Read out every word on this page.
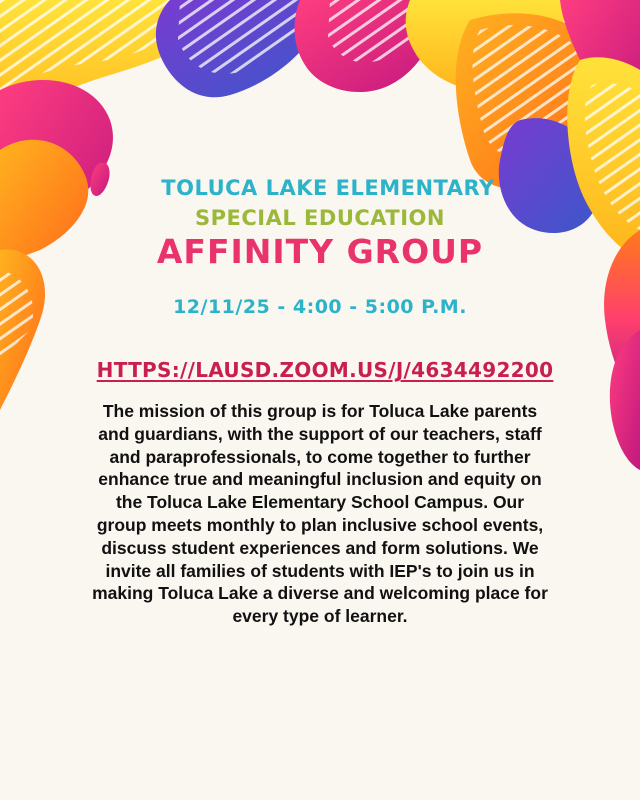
TOLUCA LAKE ELEMENTARY

SPECIAL EDUCATION

AFFINITY GROUP

12/11/25 - 4:00 - 5:00 P.M.

HTTPS://LAUSD.ZOOM.US/J/4634492200

The mission of this group is for Toluca Lake parents and guardians, with the support of our teachers, staff and paraprofessionals, to come together to further enhance true and meaningful inclusion and equity on the Toluca Lake Elementary School Campus. Our group meets monthly to plan inclusive school events, discuss student experiences and form solutions. We invite all families of students with IEP's to join us in making Toluca Lake a diverse and welcoming place for every type of learner.
